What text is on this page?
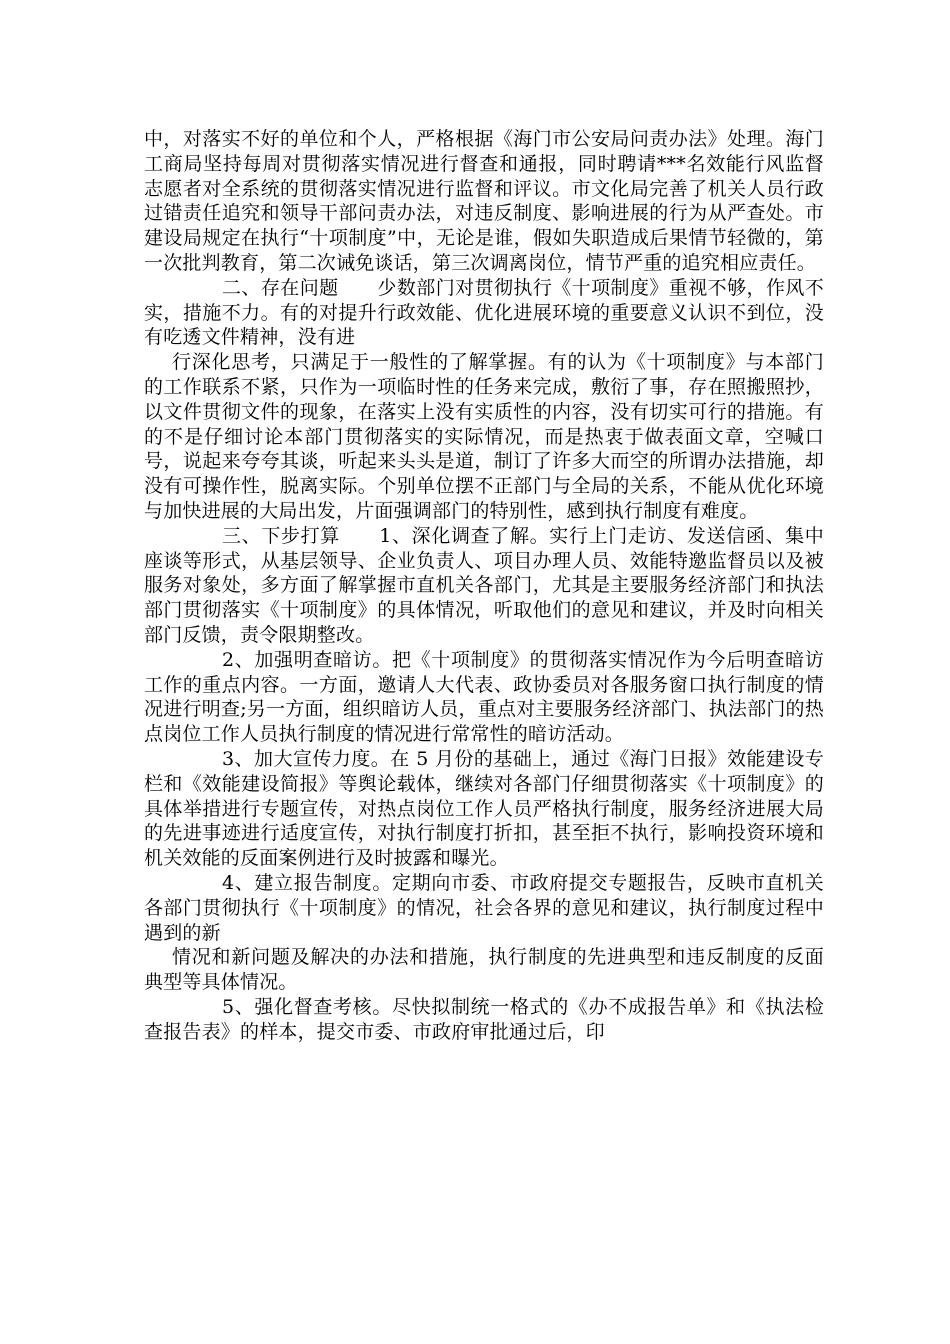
中，对落实不好的单位和个人，严格根据《海门市公安局问责办法》处理。海门工商局坚持每周对贯彻落实情况进行督查和通报，同时聘请***名效能行风监督志愿者对全系统的贯彻落实情况进行监督和评议。市文化局完善了机关人员行政过错责任追究和领导干部问责办法，对违反制度、影响进展的行为从严查处。市建设局规定在执行“十项制度”中，无论是谁，假如失职造成后果情节轻微的，第一次批判教育，第二次诫免谈话，第三次调离岗位，情节严重的追究相应责任。

二、存在问题　　少数部门对贯彻执行《十项制度》重视不够，作风不实，措施不力。有的对提升行政效能、优化进展环境的重要意义认识不到位，没有吃透文件精神，没有进

行深化思考，只满足于一般性的了解掌握。有的认为《十项制度》与本部门的工作联系不紧，只作为一项临时性的任务来完成，敷衍了事，存在照搬照抄，以文件贯彻文件的现象，在落实上没有实质性的内容，没有切实可行的措施。有的不是仔细讨论本部门贯彻落实的实际情况，而是热衷于做表面文章，空喊口号，说起来夸夸其谈，听起来头头是道，制订了许多大而空的所谓办法措施，却没有可操作性，脱离实际。个别单位摆不正部门与全局的关系，不能从优化环境与加快进展的大局出发，片面强调部门的特别性，感到执行制度有难度。

三、下步打算　　1、深化调查了解。实行上门走访、发送信函、集中座谈等形式，从基层领导、企业负责人、项目办理人员、效能特邀监督员以及被服务对象处，多方面了解掌握市直机关各部门，尤其是主要服务经济部门和执法部门贯彻落实《十项制度》的具体情况，听取他们的意见和建议，并及时向相关部门反馈，责令限期整改。

2、加强明查暗访。把《十项制度》的贯彻落实情况作为今后明查暗访工作的重点内容。一方面，邀请人大代表、政协委员对各服务窗口执行制度的情况进行明查;另一方面，组织暗访人员，重点对主要服务经济部门、执法部门的热点岗位工作人员执行制度的情况进行常常性的暗访活动。

3、加大宣传力度。在 5 月份的基础上，通过《海门日报》效能建设专栏和《效能建设简报》等舆论载体，继续对各部门仔细贯彻落实《十项制度》的具体举措进行专题宣传，对热点岗位工作人员严格执行制度，服务经济进展大局的先进事迹进行适度宣传，对执行制度打折扣，甚至拒不执行，影响投资环境和机关效能的反面案例进行及时披露和曝光。

4、建立报告制度。定期向市委、市政府提交专题报告，反映市直机关各部门贯彻执行《十项制度》的情况，社会各界的意见和建议，执行制度过程中遇到的新

情况和新问题及解决的办法和措施，执行制度的先进典型和违反制度的反面典型等具体情况。

5、强化督查考核。尽快拟制统一格式的《办不成报告单》和《执法检查报告表》的样本，提交市委、市政府审批通过后，印
